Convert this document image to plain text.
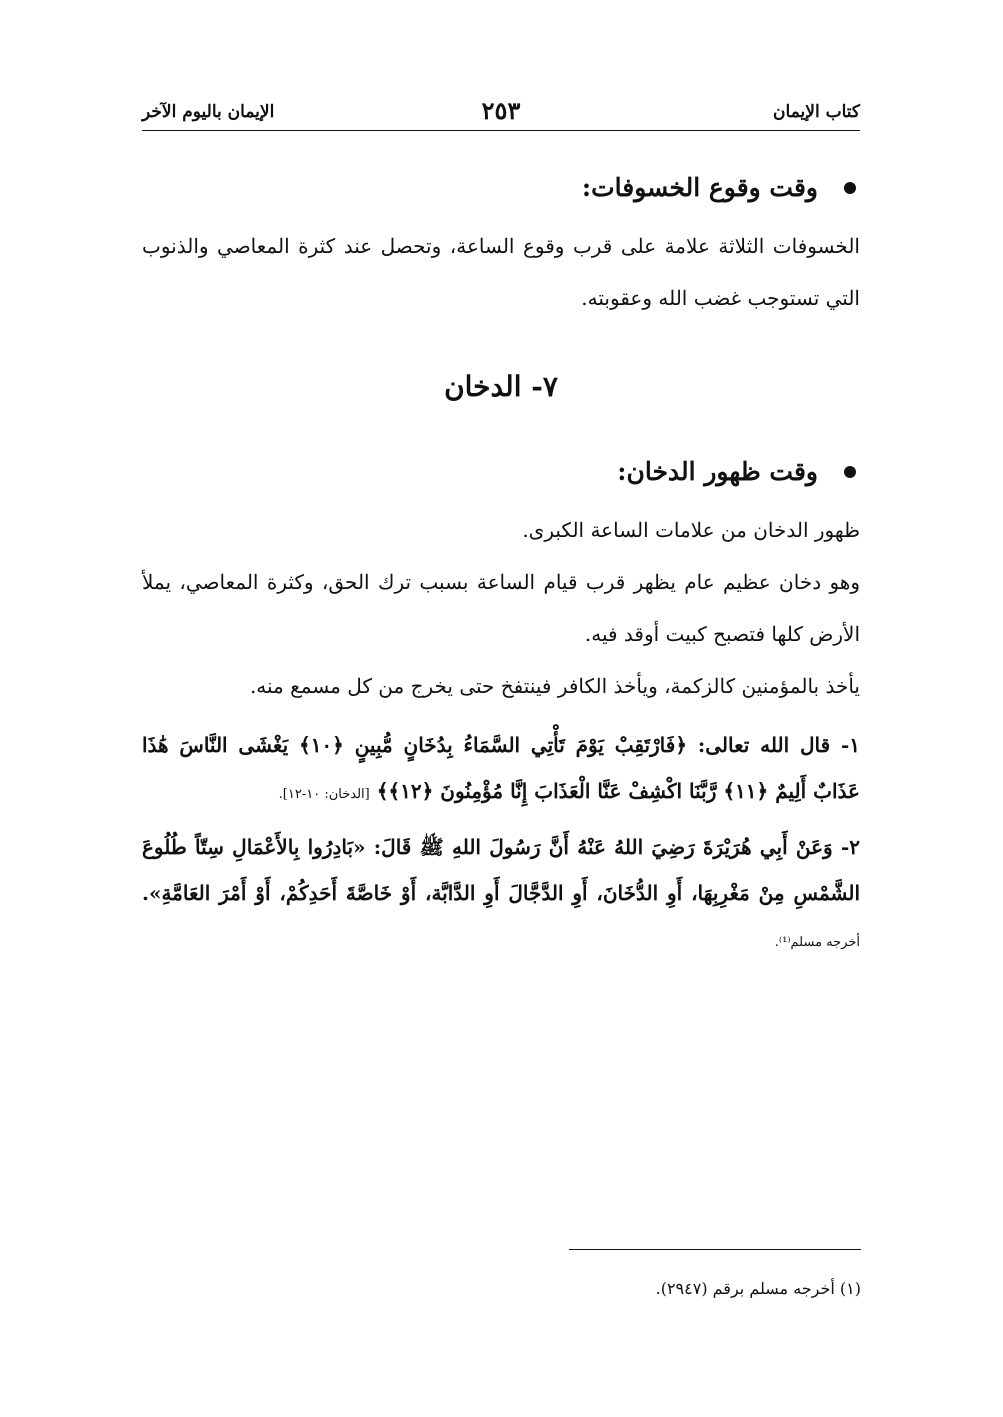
كتاب الإيمان
٢٥٣
الإيمان باليوم الآخر
وقت وقوع الخسوفات:

الخسوفات الثلاثة علامة على قرب وقوع الساعة، وتحصل عند كثرة المعاصي والذنوب التي تستوجب غضب الله وعقوبته.

٧- الدخان
وقت ظهور الدخان:

ظهور الدخان من علامات الساعة الكبرى.

وهو دخان عظيم عام يظهر قرب قيام الساعة بسبب ترك الحق، وكثرة المعاصي، يملأ الأرض كلها فتصبح كبيت أوقد فيه.

يأخذ بالمؤمنين كالزكمة، ويأخذ الكافر فينتفخ حتى يخرج من كل مسمع منه.

١- قال الله تعالى: ﴿فَارْتَقِبْ يَوْمَ تَأْتِي السَّمَاءُ بِدُخَانٍ مُّبِينٍ ﴿١٠﴾ يَغْشَى النَّاسَ هَٰذَا عَذَابٌ أَلِيمٌ ﴿١١﴾ رَّبَّنَا اكْشِفْ عَنَّا الْعَذَابَ إِنَّا مُؤْمِنُونَ ﴿١٢﴾﴾ [الدخان: ١٠-١٢].

٢- وَعَنْ أَبِي هُرَيْرَةَ رَضِيَ اللهُ عَنْهُ أَنَّ رَسُولَ اللهِ ﷺ قَالَ: «بَادِرُوا بِالأَعْمَالِ سِتّاً طُلُوعَ الشَّمْسِ مِنْ مَغْرِبِهَا، أَوِ الدُّخَانَ، أَوِ الدَّجَّالَ أَوِ الدَّابَّة، أَوْ خَاصَّةَ أَحَدِكُمْ، أَوْ أَمْرَ العَامَّةِ». أخرجه مسلم⁽¹⁾.

(١) أخرجه مسلم برقم (٢٩٤٧).
